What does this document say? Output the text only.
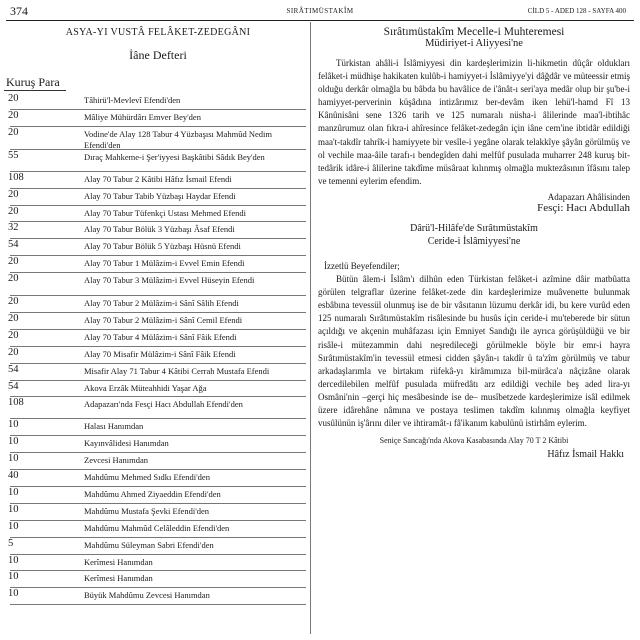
374	SIRÂTIMÜSTAKÎM	CİLD 5 - ADED 128 - SAYFA 400
ASYA-YI VUSTÂ FELÂKET-ZEDEGÂNI
İâne Defteri
Kuruş Para
20	Tâhirü'l-Mevlevî Efendi'den
20	Mâliye Mühürdârı Emver Bey'den
20	Vodine'de Alay 128 Tabur 4 Yüzbaşısı Mahmûd Nedim Efendi'den
55	Dıraç Mahkeme-i Şer'iyyesi Başkâtibi Sâdık Bey'den
108	Alay 70 Tabur 2 Kâtibi Hâfız İsmail Efendi
20	Alay 70 Tabur Tabib Yüzbaşı Haydar Efendi
20	Alay 70 Tabur Tüfenkçi Ustası Mehmed Efendi
32	Alay 70 Tabur Bölük 3 Yüzbaşı Âsaf Efendi
54	Alay 70 Tabur Bölük 5 Yüzbaşı Hüsnü Efendi
20	Alay 70 Tabur 1 Mülâzim-i Evvel Emin Efendi
20	Alay 70 Tabur 3 Mülâzim-i Evvel Hüseyin Efendi
20	Alay 70 Tabur 2 Mülâzim-i Sânî Sâlih Efendi
20	Alay 70 Tabur 2 Mülâzim-i Sânî Cemil Efendi
20	Alay 70 Tabur 4 Mülâzim-i Sânî Fâik Efendi
20	Alay 70 Misafir Mülâzim-i Sânî Fâik Efendi
54	Misafir Alay 71 Tabur 4 Kâtibi Cerrah Mustafa Efendi
54	Akova Erzâk Müteahhidi Yaşar Ağa
108	Adapazarı'nda Fesçi Hacı Abdullah Efendi'den
10	Halası Hanımdan
10	Kayınvâlidesi Hanımdan
10	Zevcesi Hanımdan
40	Mahdûmu Mehmed Sıdkı Efendi'den
10	Mahdûmu Ahmed Ziyaeddin Efendi'den
10	Mahdûmu Mustafa Şevki Efendi'den
10	Mahdûmu Mahmûd Celâleddin Efendi'den
5	Mahdûmu Süleyman Sabri Efendi'den
10	Kerîmesi Hanımdan
10	Kerîmesi Hanımdan
10	Büyük Mahdûmu Zevcesi Hanımdan
Sırâtımüstakîm Mecelle-i Muhteremesi
Müdiriyet-i Aliyyesi'ne
Türkistan ahâli-i İslâmiyyesi din kardeşlerimizin li-hikmetin dûçâr oldukları felâket-i müdhişe hakikaten kulûb-i hamiyyet-i İslâmiyye'yi dâğdâr ve müteessir etmiş olduğu derkâr olmağla bu bâbda bu havâlice de i'ânât-ı seri'aya medâr olup bir şu'be-i hamiyyet-perverinin küşâdına intizârımız ber-devâm iken lehü'l-hamd Fî 13 Kânûnisâni sene 1326 tarih ve 125 numaralı nüsha-i âlilerinde maa'l-ibtihâc manzûrumuz olan fıkra-i ahîresince felâket-zedegân için iâne cem'ine ibtidâr edildiği maa't-takdîr tahrîk-i hamiyyete bir vesîle-i yegâne olarak telakkîye şâyân görülmüş ve ol vechile maa-âile tarafı-ı bendegîden dahi melfûf pusulada muharrer 248 kuruş bit-tedârik idâre-i âlilerine takdîme müsâraat kılınmış olmağla muktezâsının îfâsını talep ve temenni eylerim efendim.
Adapazarı Ahâlisinden
Fesçi: Hacı Abdullah
Dârü'l-Hilâfe'de Sırâtımüstakîm
Ceride-i İslâmiyyesi'ne
İzzetlü Beyefendiler;
Bütün âlem-i İslâm'ı dilhûn eden Türkistan felâket-i azîmine dâir matbûatta görülen telgraflar üzerine felâket-zede din kardeşlerimize muâvenette bulunmak esbâbına tevessül olunmuş ise de bir vâsıtanın lüzumu derkâr idi, bu kere vurûd eden 125 numaralı Sırâtımüstakîm risâlesinde bu husûs için ceride-i mu'teberede bir sütun açıldığı ve akçenin muhâfazası için Emniyet Sandığı ile ayrıca görüşüldüğü ve bir risâle-i mütezammin dahi neşredileceği görülmekle böyle bir emr-i hayra Sırâtımüstakîm'in tevessül etmesi cidden şâyân-ı takdîr ü ta'zîm görülmüş ve tabur arkadaşlarımla ve birtakım rüfekâ-yı kirâmımıza bil-mürâca'a nâçizâne olarak dercedilebilen melfûf pusulada müfredâtı arz edildiği vechile beş aded lira-yı Osmâni'nin –gerçi hiç mesâbesinde ise de– musîbetzede kardeşlerimize isâl edilmek üzere idârehâne nâmına ve postaya teslimen takdîm kılınmış olmağla keyfiyet vusûlünün iş'ârını diler ve ihtiramât-ı fâ'ikanım kabulünü istirhâm eylerim.
Seniçe Sancağı'nda Akova Kasabasında Alay 70 T 2 Kâtibi
Hâfız İsmail Hakkı
